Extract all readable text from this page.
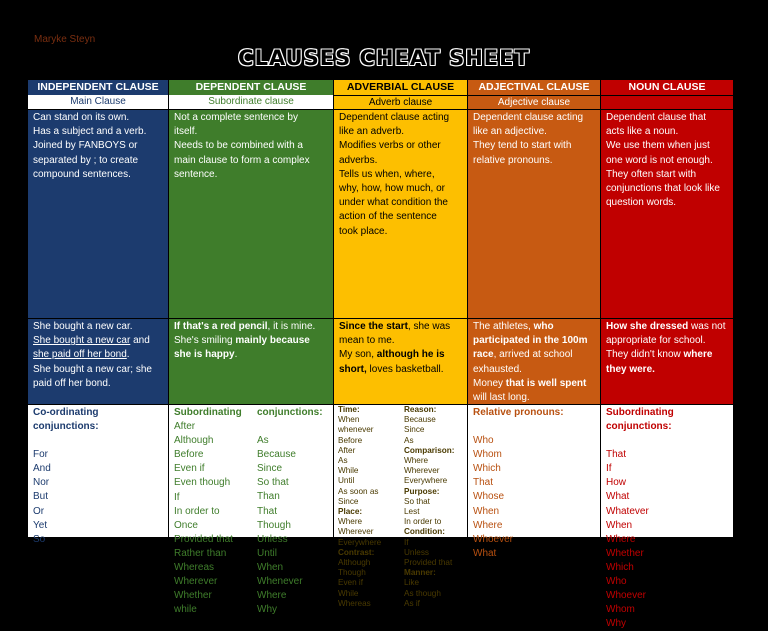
Maryke Steyn
CLAUSES CHEAT SHEET
INDEPENDENT CLAUSE
Main Clause
Can stand on its own.
Has a subject and a verb.
Joined by FANBOYS or
separated by ; to create
compound sentences.
She bought a new car.
She bought a new car and
she paid off her bond.
She bought a new car; she
paid off her bond.
Co-ordinating conjunctions:
For
And
Nor
But
Or
Yet
So
DEPENDENT CLAUSE
Subordinate clause
Not a complete sentence by
itself.
Needs to be combined with a
main clause to form a complex
sentence.
If that's a red pencil, it is mine.
She's smiling mainly because
she is happy.
Subordinating
After
Although
Before
Even if
Even though
If
In order to
Once
Provided that
Rather than
Whereas
Wherever
Whether
while
conjunctions:
As
Because
Since
So that
Than
That
Though
Unless
Until
When
Whenever
Where
Why
ADVERBIAL CLAUSE
Adverb clause
Dependent clause acting
like an adverb.
Modifies verbs or other
adverbs.
Tells us when, where,
why, how, how much, or
under what condition the
action of the sentence
took place.
Since the start, she was
mean to me.
My son, although he is
short, loves basketball.
Time:
When
whenever
Before
After
As
While
Until
As soon as
Since
Place:
Where
Wherever
Everywhere
Contrast:
Although
Though
Even if
While
Whereas
Reason:
Because
Since
As
Comparison:
Where
Wherever
Everywhere
Purpose:
So that
Lest
In order to
Condition:
If
Unless
Provided that
Manner:
Like
As though
As if
ADJECTIVAL CLAUSE
Adjective clause
Dependent clause acting
like an adjective.
They tend to start with
relative pronouns.
The athletes, who participated in the 100m race, arrived at school exhausted.
Money that is well spent will last long.
Relative pronouns:
Who
Whom
Which
That
Whose
When
Where
Whoever
What
NOUN CLAUSE
Dependent clause that
acts like a noun.
We use them when just
one word is not enough.
They often start with
conjunctions that look like
question words.
How she dressed was not appropriate for school.
They didn't know where they were.
Subordinating conjunctions:
That
If
How
What
Whatever
When
Where
Whether
Which
Who
Whoever
Whom
Why
